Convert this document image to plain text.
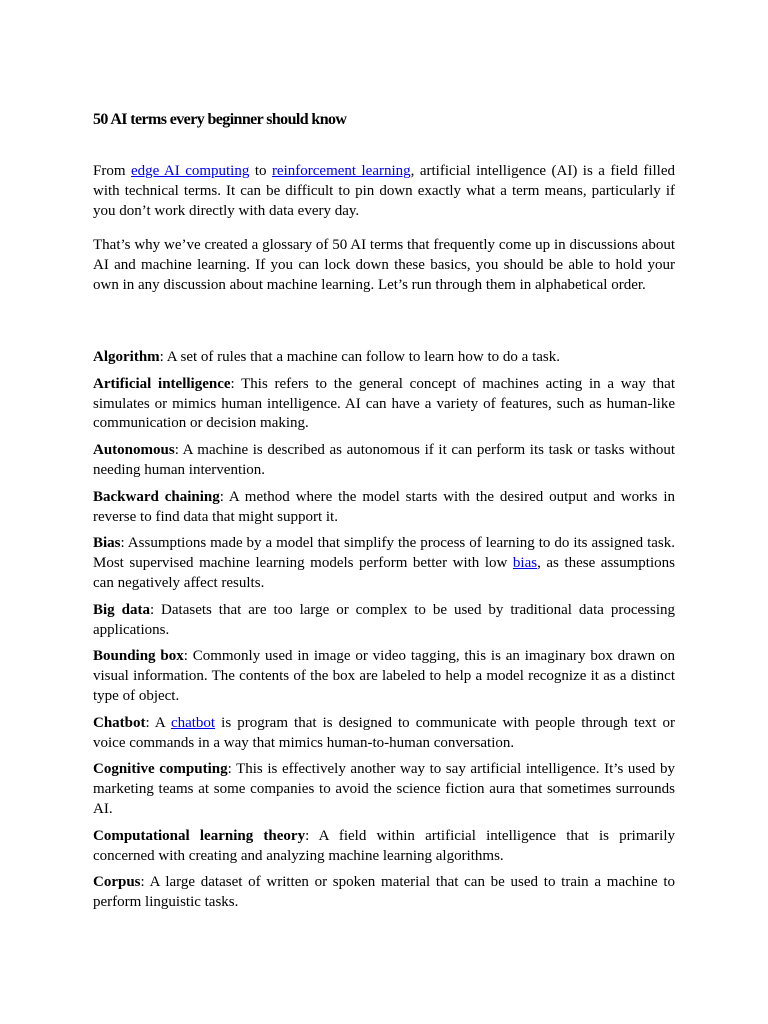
50 AI terms every beginner should know

From edge AI computing to reinforcement learning, artificial intelligence (AI) is a field filled with technical terms. It can be difficult to pin down exactly what a term means, particularly if you don’t work directly with data every day.

That’s why we’ve created a glossary of 50 AI terms that frequently come up in discussions about AI and machine learning. If you can lock down these basics, you should be able to hold your own in any discussion about machine learning. Let’s run through them in alphabetical order.

Algorithm: A set of rules that a machine can follow to learn how to do a task.

Artificial intelligence: This refers to the general concept of machines acting in a way that simulates or mimics human intelligence. AI can have a variety of features, such as human-like communication or decision making.

Autonomous: A machine is described as autonomous if it can perform its task or tasks without needing human intervention.

Backward chaining: A method where the model starts with the desired output and works in reverse to find data that might support it.

Bias: Assumptions made by a model that simplify the process of learning to do its assigned task. Most supervised machine learning models perform better with low bias, as these assumptions can negatively affect results.

Big data: Datasets that are too large or complex to be used by traditional data processing applications.

Bounding box: Commonly used in image or video tagging, this is an imaginary box drawn on visual information. The contents of the box are labeled to help a model recognize it as a distinct type of object.

Chatbot: A chatbot is program that is designed to communicate with people through text or voice commands in a way that mimics human-to-human conversation.

Cognitive computing: This is effectively another way to say artificial intelligence. It’s used by marketing teams at some companies to avoid the science fiction aura that sometimes surrounds AI.

Computational learning theory: A field within artificial intelligence that is primarily concerned with creating and analyzing machine learning algorithms.

Corpus: A large dataset of written or spoken material that can be used to train a machine to perform linguistic tasks.
